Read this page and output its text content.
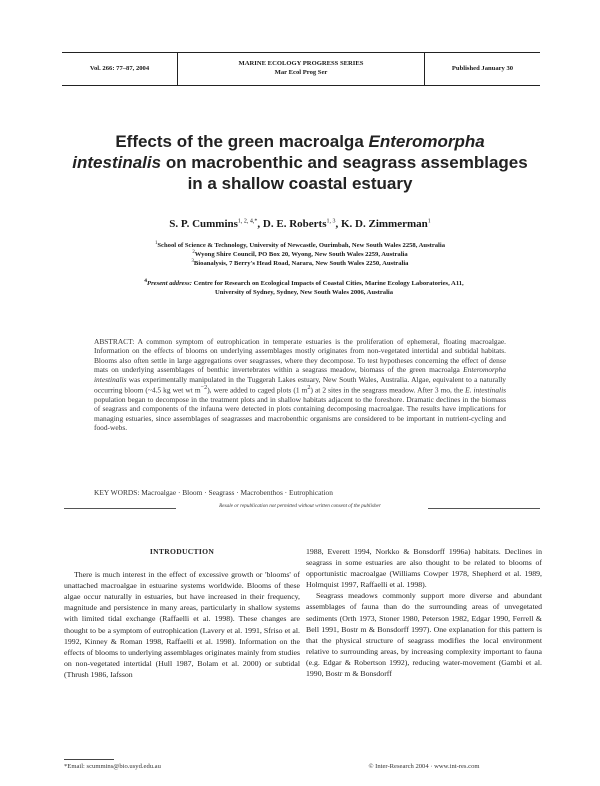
Vol. 266: 77–87, 2004
MARINE ECOLOGY PROGRESS SERIES
Mar Ecol Prog Ser
Published January 30
Effects of the green macroalga Enteromorpha intestinalis on macrobenthic and seagrass assemblages in a shallow coastal estuary
S. P. Cummins$^{1, 2, 4,*}$, D. E. Roberts$^{1, 3}$, K. D. Zimmerman$^1$
$^1$School of Science & Technology, University of Newcastle, Ourimbah, New South Wales 2258, Australia
$^2$Wyong Shire Council, PO Box 20, Wyong, New South Wales 2259, Australia
$^3$Bioanalysis, 7 Berry's Head Road, Narara, New South Wales 2250, Australia
$^4$Present address: Centre for Research on Ecological Impacts of Coastal Cities, Marine Ecology Laboratories, A11,
University of Sydney, Sydney, New South Wales 2006, Australia

ABSTRACT: A common symptom of eutrophication in temperate estuaries is the proliferation of ephemeral, floating macroalgae. Information on the effects of blooms on underlying assemblages mostly originates from non-vegetated intertidal and subtidal habitats. Blooms also often settle in large aggregations over seagrasses, where they decompose. To test hypotheses concerning the effect of dense mats on underlying assemblages of benthic invertebrates within a seagrass meadow, biomass of the green macroalga Enteromorpha intestinalis was experimentally manipulated in the Tuggerah Lakes estuary, New South Wales, Australia. Algae, equivalent to a naturally occurring bloom (~4.5 kg wet wt $m^{-2}$), were added to caged plots (1 $m^2$) at 2 sites in the seagrass meadow. After 3 mo, the E. intestinalis population began to decompose in the treatment plots and in shallow habitats adjacent to the foreshore. Dramatic declines in the biomass of seagrass and components of the infauna were detected in plots containing decomposing macroalgae. The results have implications for managing estuaries, since assemblages of seagrasses and macrobenthic organisms are considered to be important in nutrient-cycling and food-webs.

KEY WORDS: Macroalgae · Bloom · Seagrass · Macrobenthos · Eutrophication
Resale or republication not permitted without written consent of the publisher
INTRODUCTION

There is much interest in the effect of excessive growth or 'blooms' of unattached macroalgae in estuarine systems worldwide. Blooms of these algae occur naturally in estuaries, but have increased in their frequency, magnitude and persistence in many areas, particularly in shallow systems with limited tidal exchange (Raffaelli et al. 1998). These changes are thought to be a symptom of eutrophication (Lavery et al. 1991, Sfriso et al. 1992, Kinney & Roman 1998, Raffaelli et al. 1998). Information on the effects of blooms to underlying assemblages originates mainly from studies on non-vegetated intertidal (Hull 1987, Bolam et al. 2000) or subtidal (Thrush 1986, Iafsson

1988, Everett 1994, Norkko & Bonsdorff 1996a) habitats. Declines in seagrass in some estuaries are also thought to be related to blooms of opportunistic macroalgae (Williams Cowper 1978, Shepherd et al. 1989, Holmquist 1997, Raffaelli et al. 1998).

Seagrass meadows commonly support more diverse and abundant assemblages of fauna than do the surrounding areas of unvegetated sediments (Orth 1973, Stoner 1980, Peterson 1982, Edgar 1990, Ferrell & Bell 1991, Bostr m & Bonsdorff 1997). One explanation for this pattern is that the physical structure of seagrass modifies the local environment relative to surrounding areas, by increasing complexity important to fauna (e.g. Edgar & Robertson 1992), reducing water-movement (Gambi et al. 1990, Bostr m & Bonsdorff

*Email: scummins@bio.usyd.edu.au	© Inter-Research 2004 · www.int-res.com
